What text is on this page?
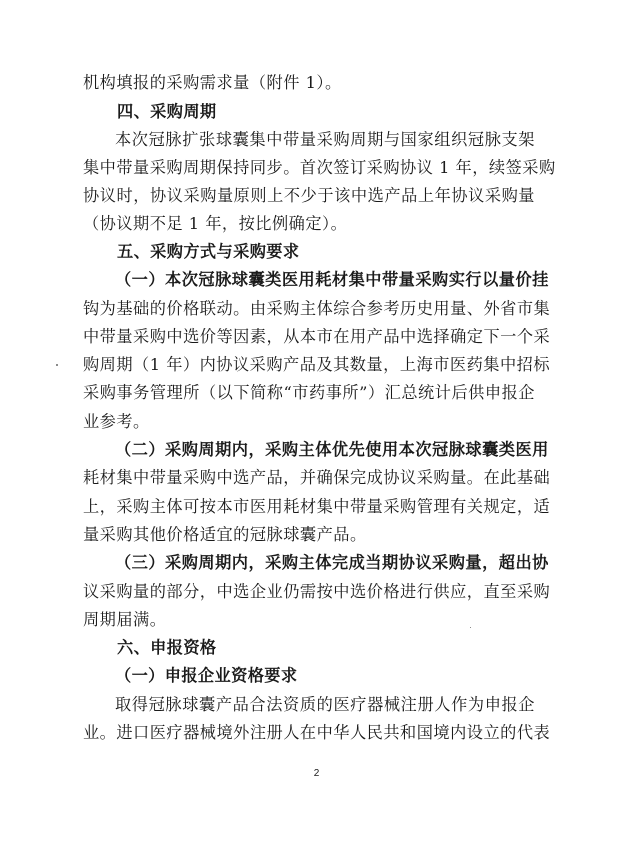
机构填报的采购需求量（附件 1）。
四、采购周期
本次冠脉扩张球囊集中带量采购周期与国家组织冠脉支架
集中带量采购周期保持同步。首次签订采购协议 1 年，续签采购
协议时，协议采购量原则上不少于该中选产品上年协议采购量
（协议期不足 1 年，按比例确定）。
五、采购方式与采购要求
（一）本次冠脉球囊类医用耗材集中带量采购实行以量价挂
钩为基础的价格联动。由采购主体综合参考历史用量、外省市集
中带量采购中选价等因素，从本市在用产品中选择确定下一个采
购周期（1 年）内协议采购产品及其数量，上海市医药集中招标
采购事务管理所（以下简称“市药事所”）汇总统计后供申报企
业参考。
（二）采购周期内，采购主体优先使用本次冠脉球囊类医用
耗材集中带量采购中选产品，并确保完成协议采购量。在此基础
上，采购主体可按本市医用耗材集中带量采购管理有关规定，适
量采购其他价格适宜的冠脉球囊产品。
（三）采购周期内，采购主体完成当期协议采购量，超出协
议采购量的部分，中选企业仍需按中选价格进行供应，直至采购
周期届满。
六、申报资格
（一）申报企业资格要求
取得冠脉球囊产品合法资质的医疗器械注册人作为申报企
业。进口医疗器械境外注册人在中华人民共和国境内设立的代表
2
